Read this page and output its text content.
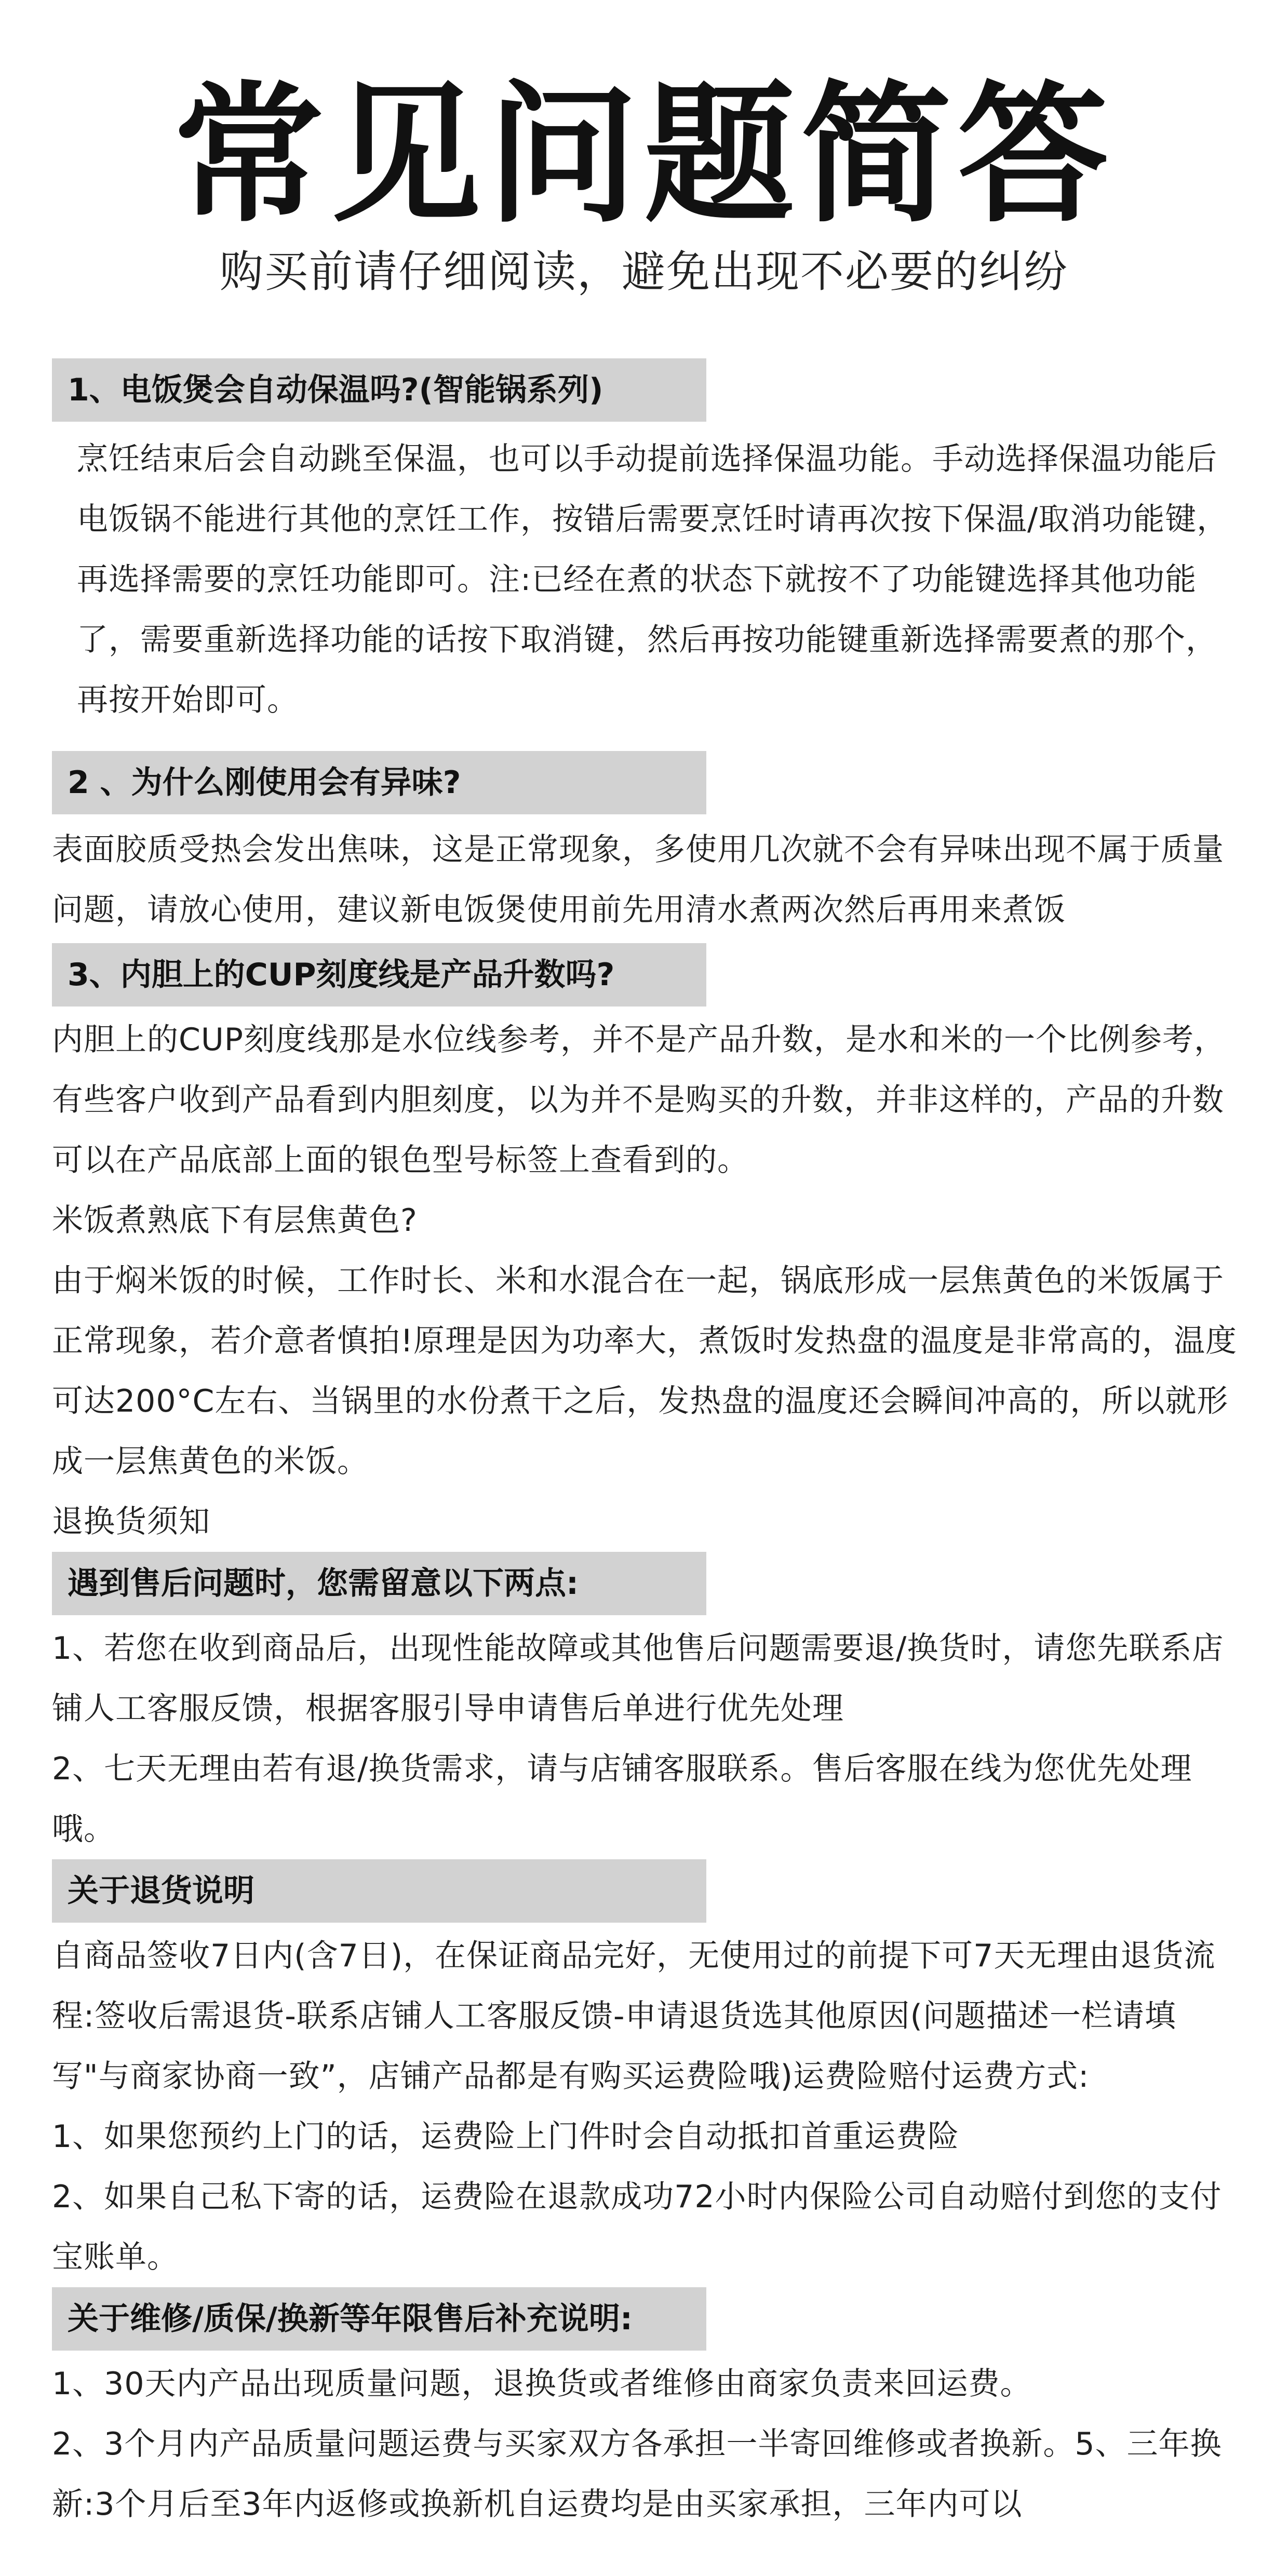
常见问题简答
购买前请仔细阅读，避免出现不必要的纠纷
1、电饭煲会自动保温吗?(智能锅系列)

烹饪结束后会自动跳至保温，也可以手动提前选择保温功能。手动选择保温功能后电饭锅不能进行其他的烹饪工作，按错后需要烹饪时请再次按下保温/取消功能键，再选择需要的烹饪功能即可。注:已经在煮的状态下就按不了功能键选择其他功能了，需要重新选择功能的话按下取消键，然后再按功能键重新选择需要煮的那个，再按开始即可。

2 、为什么刚使用会有异味?

表面胶质受热会发出焦味，这是正常现象，多使用几次就不会有异味出现不属于质量问题，请放心使用，建议新电饭煲使用前先用清水煮两次然后再用来煮饭

3、内胆上的CUP刻度线是产品升数吗?

内胆上的CUP刻度线那是水位线参考，并不是产品升数，是水和米的一个比例参考，有些客户收到产品看到内胆刻度，以为并不是购买的升数，并非这样的，产品的升数可以在产品底部上面的银色型号标签上查看到的。

米饭煮熟底下有层焦黄色?

由于焖米饭的时候，工作时长、米和水混合在一起，锅底形成一层焦黄色的米饭属于正常现象，若介意者慎拍!原理是因为功率大，煮饭时发热盘的温度是非常高的，温度可达200°C左右、当锅里的水份煮干之后，发热盘的温度还会瞬间冲高的，所以就形成一层焦黄色的米饭。

退换货须知

遇到售后问题时，您需留意以下两点:

1、若您在收到商品后，出现性能故障或其他售后问题需要退/换货时，请您先联系店铺人工客服反馈，根据客服引导申请售后单进行优先处理

2、七天无理由若有退/换货需求，请与店铺客服联系。售后客服在线为您优先处理哦。

关于退货说明

自商品签收7日内(含7日)，在保证商品完好，无使用过的前提下可7天无理由退货流程:签收后需退货-联系店铺人工客服反馈-申请退货选其他原因(问题描述一栏请填写"与商家协商一致”，店铺产品都是有购买运费险哦)运费险赔付运费方式:

1、如果您预约上门的话，运费险上门件时会自动抵扣首重运费险

2、如果自己私下寄的话，运费险在退款成功72小时内保险公司自动赔付到您的支付宝账单。

关于维修/质保/换新等年限售后补充说明:

1、30天内产品出现质量问题，退换货或者维修由商家负责来回运费。

2、3个月内产品质量问题运费与买家双方各承担一半寄回维修或者换新。5、三年换新:3个月后至3年内返修或换新机自运费均是由买家承担，三年内可以
